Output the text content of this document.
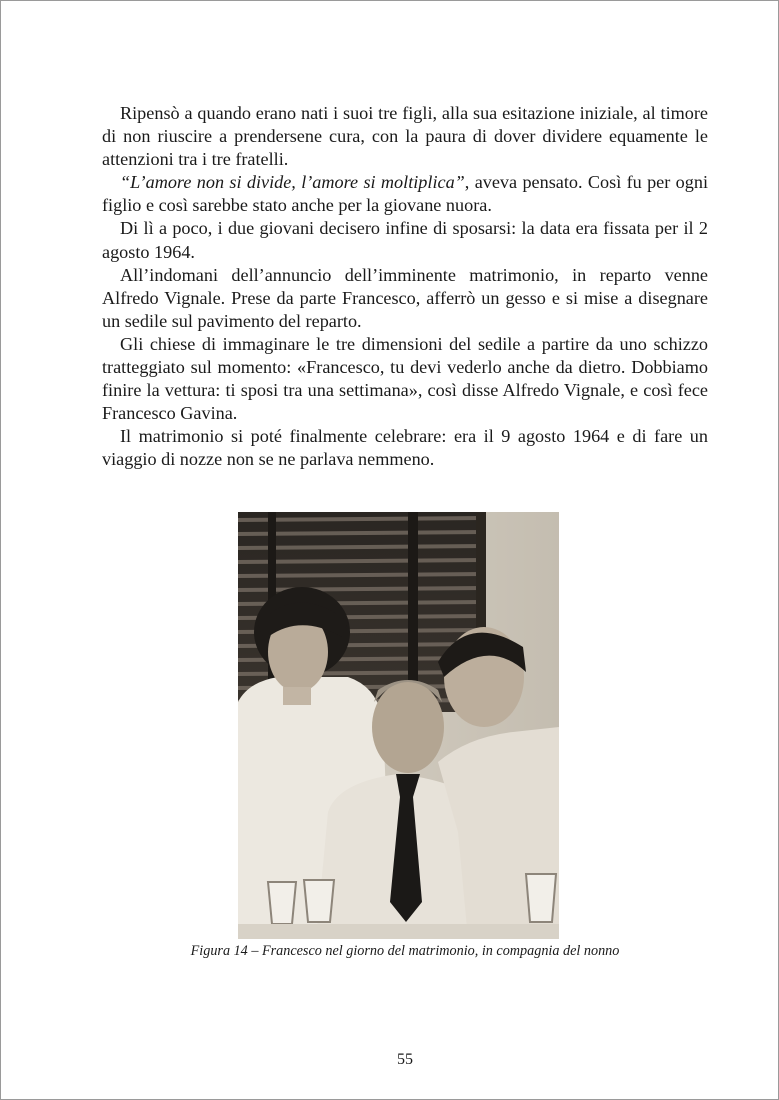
Ripensò a quando erano nati i suoi tre figli, alla sua esitazione iniziale, al timore di non riuscire a prendersene cura, con la paura di dover dividere equamente le attenzioni tra i tre fratelli.

“L’amore non si divide, l’amore si moltiplica”, aveva pensato. Così fu per ogni figlio e così sarebbe stato anche per la giovane nuora.

Di lì a poco, i due giovani decisero infine di sposarsi: la data era fissata per il 2 agosto 1964.

All’indomani dell’annuncio dell’imminente matrimonio, in reparto venne Alfredo Vignale. Prese da parte Francesco, afferrò un gesso e si mise a disegnare un sedile sul pavimento del reparto.

Gli chiese di immaginare le tre dimensioni del sedile a partire da uno schizzo tratteggiato sul momento: «Francesco, tu devi vederlo anche da dietro. Dobbiamo finire la vettura: ti sposi tra una settimana», così disse Alfredo Vignale, e così fece Francesco Gavina.

Il matrimonio si poté finalmente celebrare: era il 9 agosto 1964 e di fare un viaggio di nozze non se ne parlava nemmeno.

Figura 14 – Francesco nel giorno del matrimonio, in compagnia del nonno
55
